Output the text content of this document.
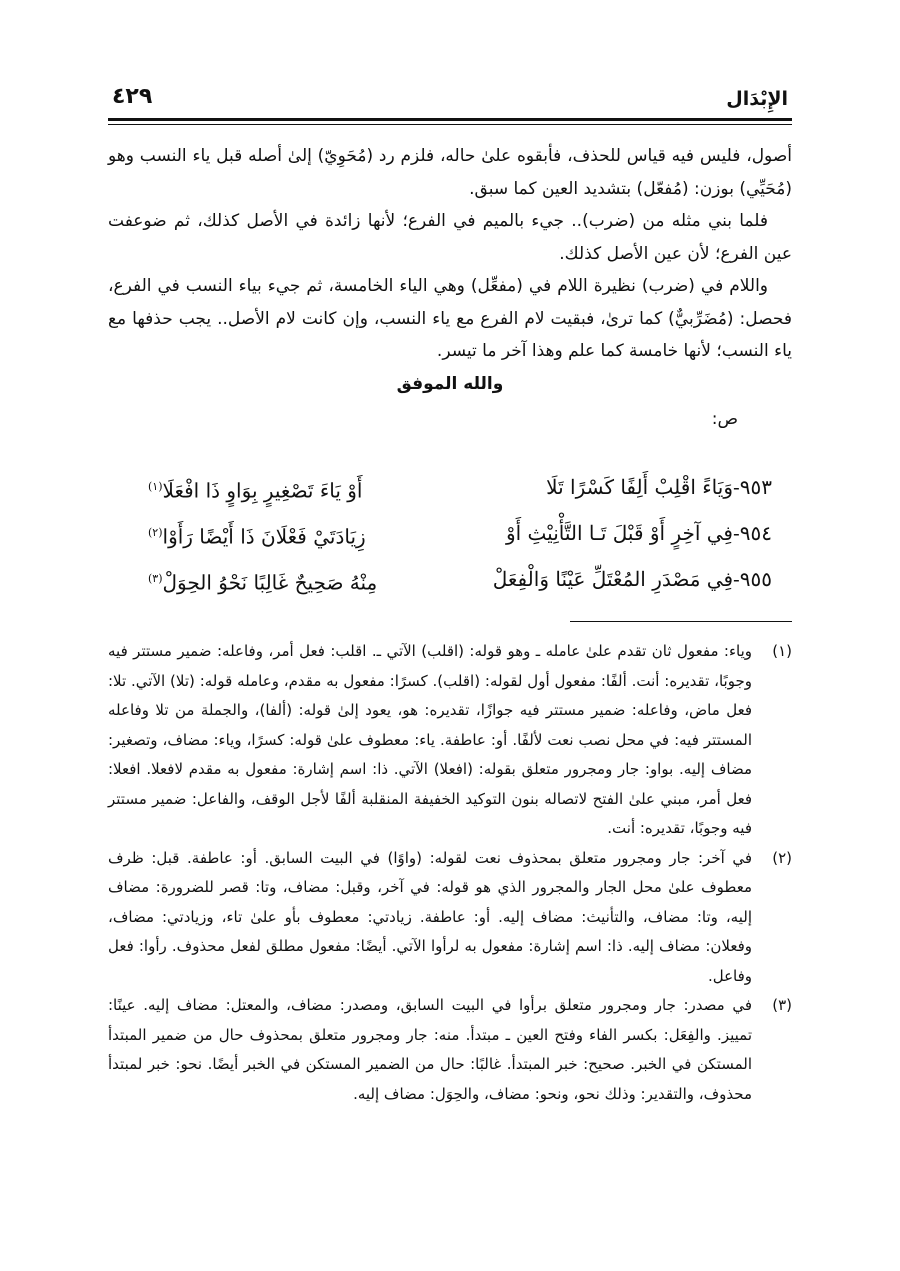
٤٢٩	الإِبْدَال

أصول، فليس فيه قياس للحذف، فأبقوه علىٰ حاله، فلزم رد (مُحَوِيّ) إلىٰ أصله قبل ياء النسب وهو (مُحَيِّي) بوزن: (مُفعّل) بتشديد العين كما سبق.

فلما بني مثله من (ضرب).. جيء بالميم في الفرع؛ لأنها زائدة في الأصل كذلك، ثم ضوعفت عين الفرع؛ لأن عين الأصل كذلك.

واللام في (ضرب) نظيرة اللام في (مفعِّل) وهي الياء الخامسة، ثم جيء بياء النسب في الفرع، فحصل: (مُضَرِّبيٌّ) كما ترىٰ، فبقيت لام الفرع مع ياء النسب، وإن كانت لام الأصل.. يجب حذفها مع ياء النسب؛ لأنها خامسة كما علم وهذا آخر ما تيسر.

والله الموفق

ص:

٩٥٣-وَيَاءً اقْلِبْ أَلِفًا كَسْرًا تَلَا
أَوْ يَاءَ تَصْغِيرٍ بِوَاوٍ ذَا افْعَلَا$^{(١)}$
٩٥٤-فِي آخِرٍ أَوْ قَبْلَ تَـا التَّأْنِيْثِ أَوْ
زِيَادَتَيْ فَعْلَانَ ذَا أَيْضًا رَأَوْا$^{(٢)}$
٩٥٥-فِي مَصْدَرِ المُعْتَلِّ عَيْنًا وَالْفِعَلْ
مِنْهُ صَحِيحٌ غَالِبًا نَحْوُ الحِوَلْ$^{(٣)}$

(١)
وياء: مفعول ثان تقدم علىٰ عامله ـ وهو قوله: (اقلب) الآتي ـ. اقلب: فعل أمر، وفاعله: ضمير مستتر فيه وجوبًا، تقديره: أنت. ألفًا: مفعول أول لقوله: (اقلب). كسرًا: مفعول به مقدم، وعامله قوله: (تلا) الآتي. تلا: فعل ماض، وفاعله: ضمير مستتر فيه جوازًا، تقديره: هو، يعود إلىٰ قوله: (ألفا)، والجملة من تلا وفاعله المستتر فيه: في محل نصب نعت لألفًا. أو: عاطفة. ياء: معطوف علىٰ قوله: كسرًا، وياء: مضاف، وتصغير: مضاف إليه. بواو: جار ومجرور متعلق بقوله: (افعلا) الآتي. ذا: اسم إشارة: مفعول به مقدم لافعلا. افعلا: فعل أمر، مبني علىٰ الفتح لاتصاله بنون التوكيد الخفيفة المنقلبة ألفًا لأجل الوقف، والفاعل: ضمير مستتر فيه وجوبًا، تقديره: أنت.

(٢)
في آخر: جار ومجرور متعلق بمحذوف نعت لقوله: (واوًا) في البيت السابق. أو: عاطفة. قبل: ظرف معطوف علىٰ محل الجار والمجرور الذي هو قوله: في آخر، وقبل: مضاف، وتا: قصر للضرورة: مضاف إليه، وتا: مضاف، والتأنيث: مضاف إليه. أو: عاطفة. زيادتي: معطوف بأو علىٰ تاء، وزيادتي: مضاف، وفعلان: مضاف إليه. ذا: اسم إشارة: مفعول به لرأوا الآتي. أيضًا: مفعول مطلق لفعل محذوف. رأوا: فعل وفاعل.

(٣)
في مصدر: جار ومجرور متعلق برأوا في البيت السابق، ومصدر: مضاف، والمعتل: مضاف إليه. عينًا: تمييز. والفِعَل: بكسر الفاء وفتح العين ـ مبتدأ. منه: جار ومجرور متعلق بمحذوف حال من ضمير المبتدأ المستكن في الخبر. صحيح: خبر المبتدأ. غالبًا: حال من الضمير المستكن في الخبر أيضًا. نحو: خبر لمبتدأ محذوف، والتقدير: وذلك نحو، ونحو: مضاف، والحِوَل: مضاف إليه.
